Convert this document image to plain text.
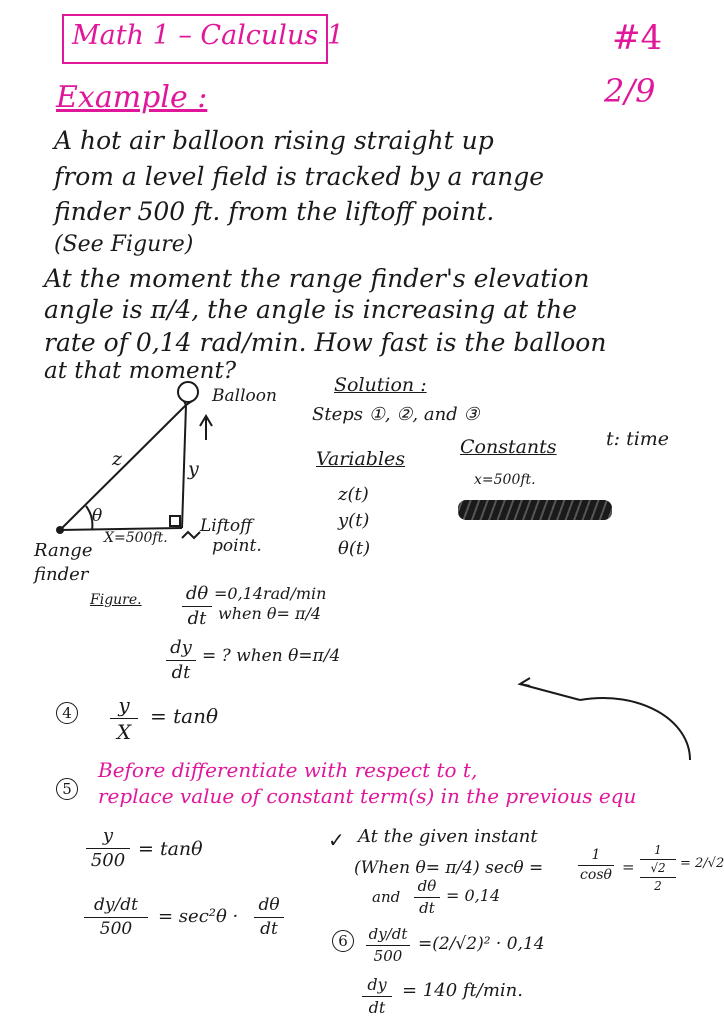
Math 1 – Calculus 1	#4
2/9
Example :
A hot air balloon rising straight up
from a level field is tracked by a range
finder 500 ft. from the liftoff point.
(See Figure)
At the moment the range finder's elevation
angle is π/4, the angle is increasing at the
rate of 0,14 rad/min. How fast is the balloon
at that moment?
Balloon
z	y
θ
X=500ft.
Liftoff
point.
Range
finder
Figure.
Solution :
Steps ①, ②, and ③
Variables
z(t)
y(t)
θ(t)
Constants
x=500ft.
t: time
dθ
dt
=0,14rad/min
when θ= π/4
dy
dt
= ? when θ=π/4
4	y
X
= tanθ
5
Before differentiate with respect to t,
replace value of constant term(s) in the previous equ
y
500
= tanθ
dy/dt
500
= sec²θ ·
dθ
dt
✓ At the given instant
(When θ= π/4) secθ =
1
cosθ =
1
√2
2
= 2/√2
and
dθ
dt
= 0,14
6	dy/dt
500
=(2/√2)² · 0,14
dy
dt
= 140 ft/min.
